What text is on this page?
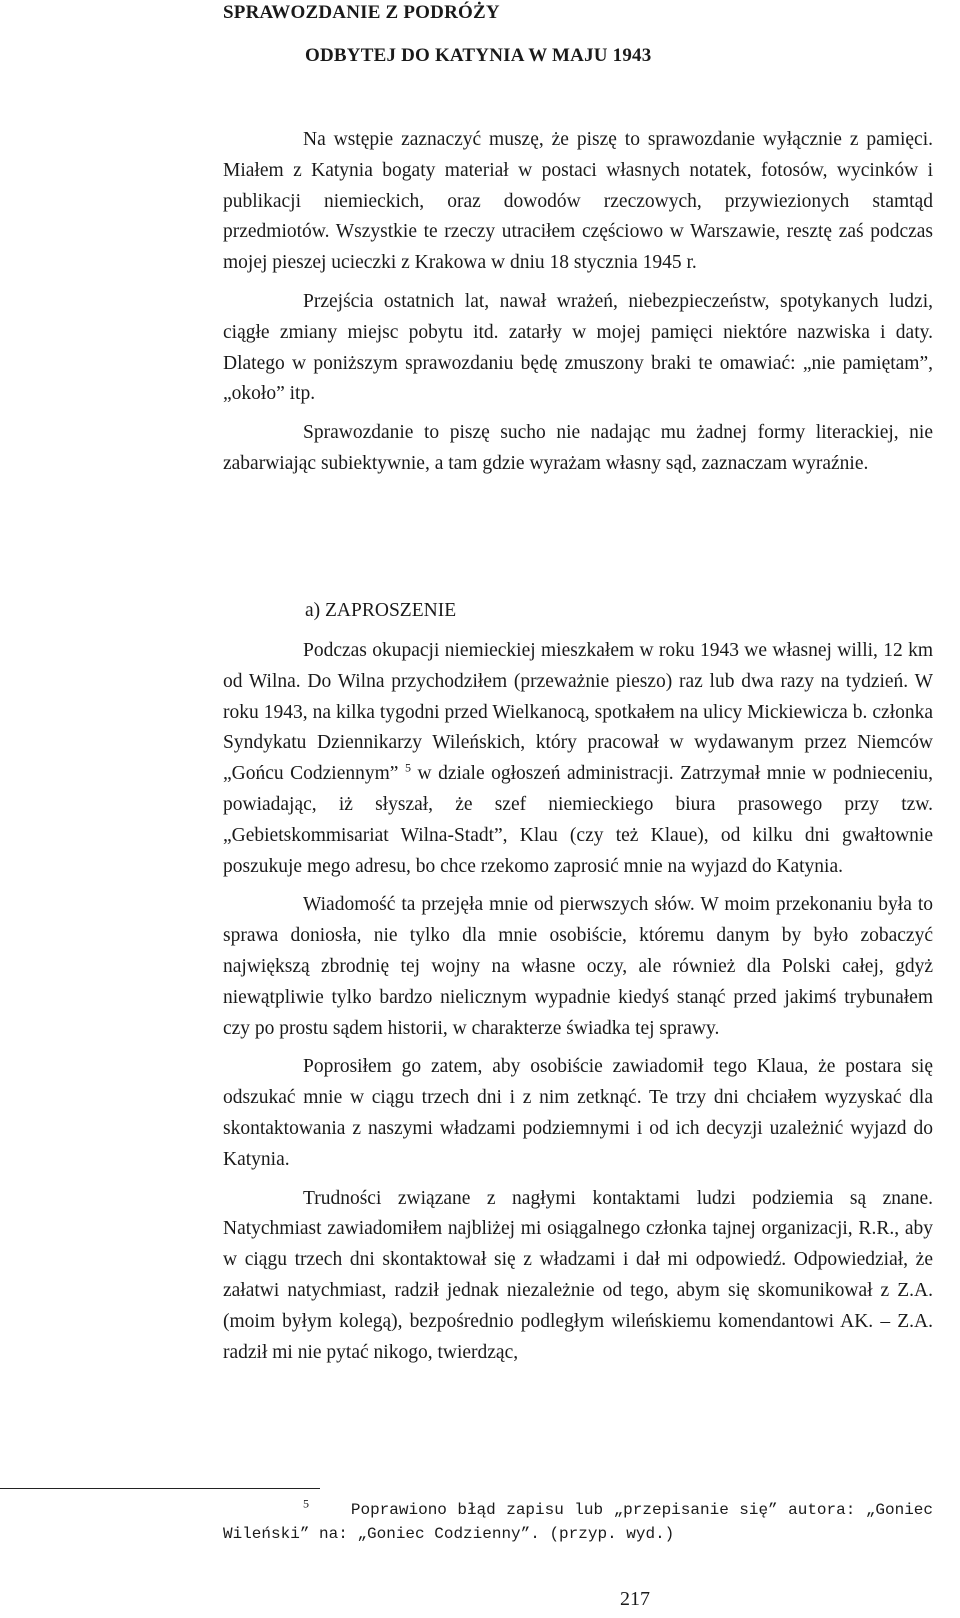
SPRAWOZDANIE Z PODRÓŻY
ODBYTEJ DO KATYNIA W MAJU 1943

Na wstępie zaznaczyć muszę, że piszę to sprawozdanie wyłącznie z pamięci. Miałem z Katynia bogaty materiał w postaci własnych notatek, fotosów, wycinków i publikacji niemieckich, oraz dowodów rzeczowych, przywiezionych stamtąd przedmiotów. Wszystkie te rzeczy utraciłem częściowo w Warszawie, resztę zaś podczas mojej pieszej ucieczki z Krakowa w dniu 18 stycznia 1945 r.

Przejścia ostatnich lat, nawał wrażeń, niebezpieczeństw, spotykanych ludzi, ciągłe zmiany miejsc pobytu itd. zatarły w mojej pamięci niektóre nazwiska i daty. Dlatego w poniższym sprawozdaniu będę zmuszony braki te omawiać: „nie pamiętam”, „około” itp.

Sprawozdanie to piszę sucho nie nadając mu żadnej formy literackiej, nie zabarwiając subiektywnie, a tam gdzie wyrażam własny sąd, zaznaczam wyraźnie.

a) ZAPROSZENIE

Podczas okupacji niemieckiej mieszkałem w roku 1943 we własnej willi, 12 km od Wilna. Do Wilna przychodziłem (przeważnie pieszo) raz lub dwa razy na tydzień. W roku 1943, na kilka tygodni przed Wielkanocą, spotkałem na ulicy Mickiewicza b. członka Syndykatu Dziennikarzy Wileńskich, który pracował w wydawanym przez Niemców „Gońcu Codziennym” $^5$ w dziale ogłoszeń administracji. Zatrzymał mnie w podnieceniu, powiadając, iż słyszał, że szef niemieckiego biura prasowego przy tzw. „Gebietskommisariat Wilna-Stadt”, Klau (czy też Klaue), od kilku dni gwałtownie poszukuje mego adresu, bo chce rzekomo zaprosić mnie na wyjazd do Katynia.

Wiadomość ta przejęła mnie od pierwszych słów. W moim przekonaniu była to sprawa doniosła, nie tylko dla mnie osobiście, któremu danym by było zobaczyć największą zbrodnię tej wojny na własne oczy, ale również dla Polski całej, gdyż niewątpliwie tylko bardzo nielicznym wypadnie kiedyś stanąć przed jakimś trybunałem czy po prostu sądem historii, w charakterze świadka tej sprawy.

Poprosiłem go zatem, aby osobiście zawiadomił tego Klaua, że postara się odszukać mnie w ciągu trzech dni i z nim zetknąć. Te trzy dni chciałem wyzyskać dla skontaktowania z naszymi władzami podziemnymi i od ich decyzji uzależnić wyjazd do Katynia.

Trudności związane z nagłymi kontaktami ludzi podziemia są znane. Natychmiast zawiadomiłem najbliżej mi osiągalnego członka tajnej organizacji, R.R., aby w ciągu trzech dni skontaktował się z władzami i dał mi odpowiedź. Odpowiedział, że załatwi natychmiast, radził jednak niezależnie od tego, abym się skomunikował z Z.A. (moim byłym kolegą), bezpośrednio podległym wileńskiemu komendantowi AK. – Z.A. radził mi nie pytać nikogo, twierdząc,

$^5$	Poprawiono błąd zapisu lub „przepisanie się” autora: „Goniec Wileński” na: „Goniec Codzienny”. (przyp. wyd.)

217
